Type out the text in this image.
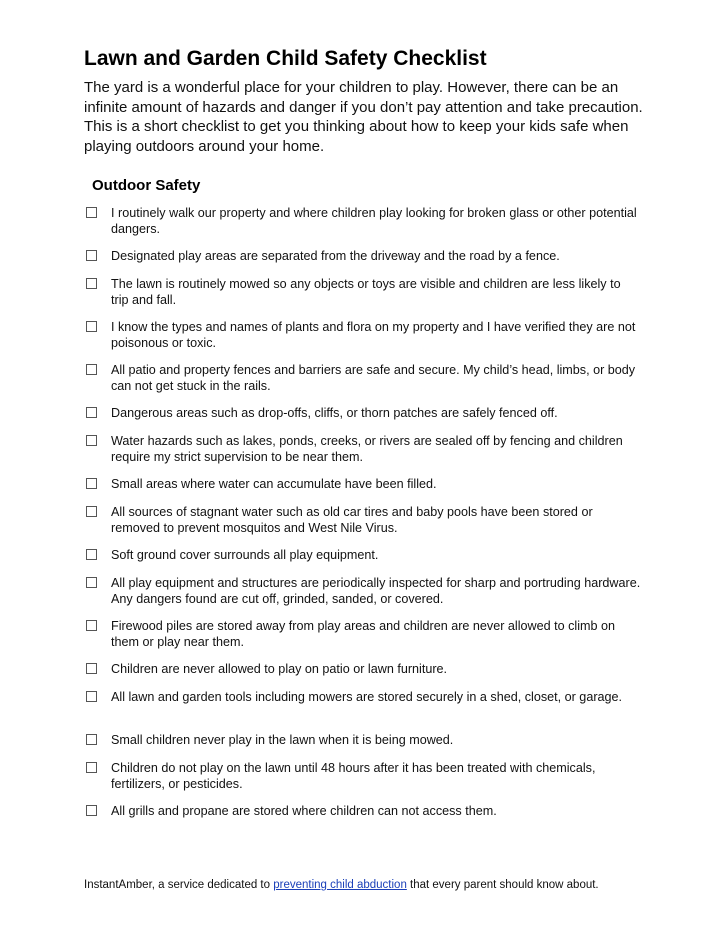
Lawn and Garden Child Safety Checklist

The yard is a wonderful place for your children to play. However, there can be an infinite amount of hazards and danger if you don’t pay attention and take precaution. This is a short checklist to get you thinking about how to keep your kids safe when playing outdoors around your home.

Outdoor Safety
I routinely walk our property and where children play looking for broken glass or other potential dangers.
Designated play areas are separated from the driveway and the road by a fence.
The lawn is routinely mowed so any objects or toys are visible and children are less likely to trip and fall.
I know the types and names of plants and flora on my property and I have verified they are not poisonous or toxic.
All patio and property fences and barriers are safe and secure. My child’s head, limbs, or body can not get stuck in the rails.
Dangerous areas such as drop-offs, cliffs, or thorn patches are safely fenced off.
Water hazards such as lakes, ponds, creeks, or rivers are sealed off by fencing and children require my strict supervision to be near them.
Small areas where water can accumulate have been filled.
All sources of stagnant water such as old car tires and baby pools have been stored or removed to prevent mosquitos and West Nile Virus.
Soft ground cover surrounds all play equipment.
All play equipment and structures are periodically inspected for sharp and portruding hardware. Any dangers found are cut off, grinded, sanded, or covered.
Firewood piles are stored away from play areas and children are never allowed to climb on them or play near them.
Children are never allowed to play on patio or lawn furniture.
All lawn and garden tools including mowers are stored securely in a shed, closet, or garage.
Small children never play in the lawn when it is being mowed.
Children do not play on the lawn until 48 hours after it has been treated with chemicals, fertilizers, or pesticides.
All grills and propane are stored where children can not access them.
InstantAmber, a service dedicated to preventing child abduction that every parent should know about.
